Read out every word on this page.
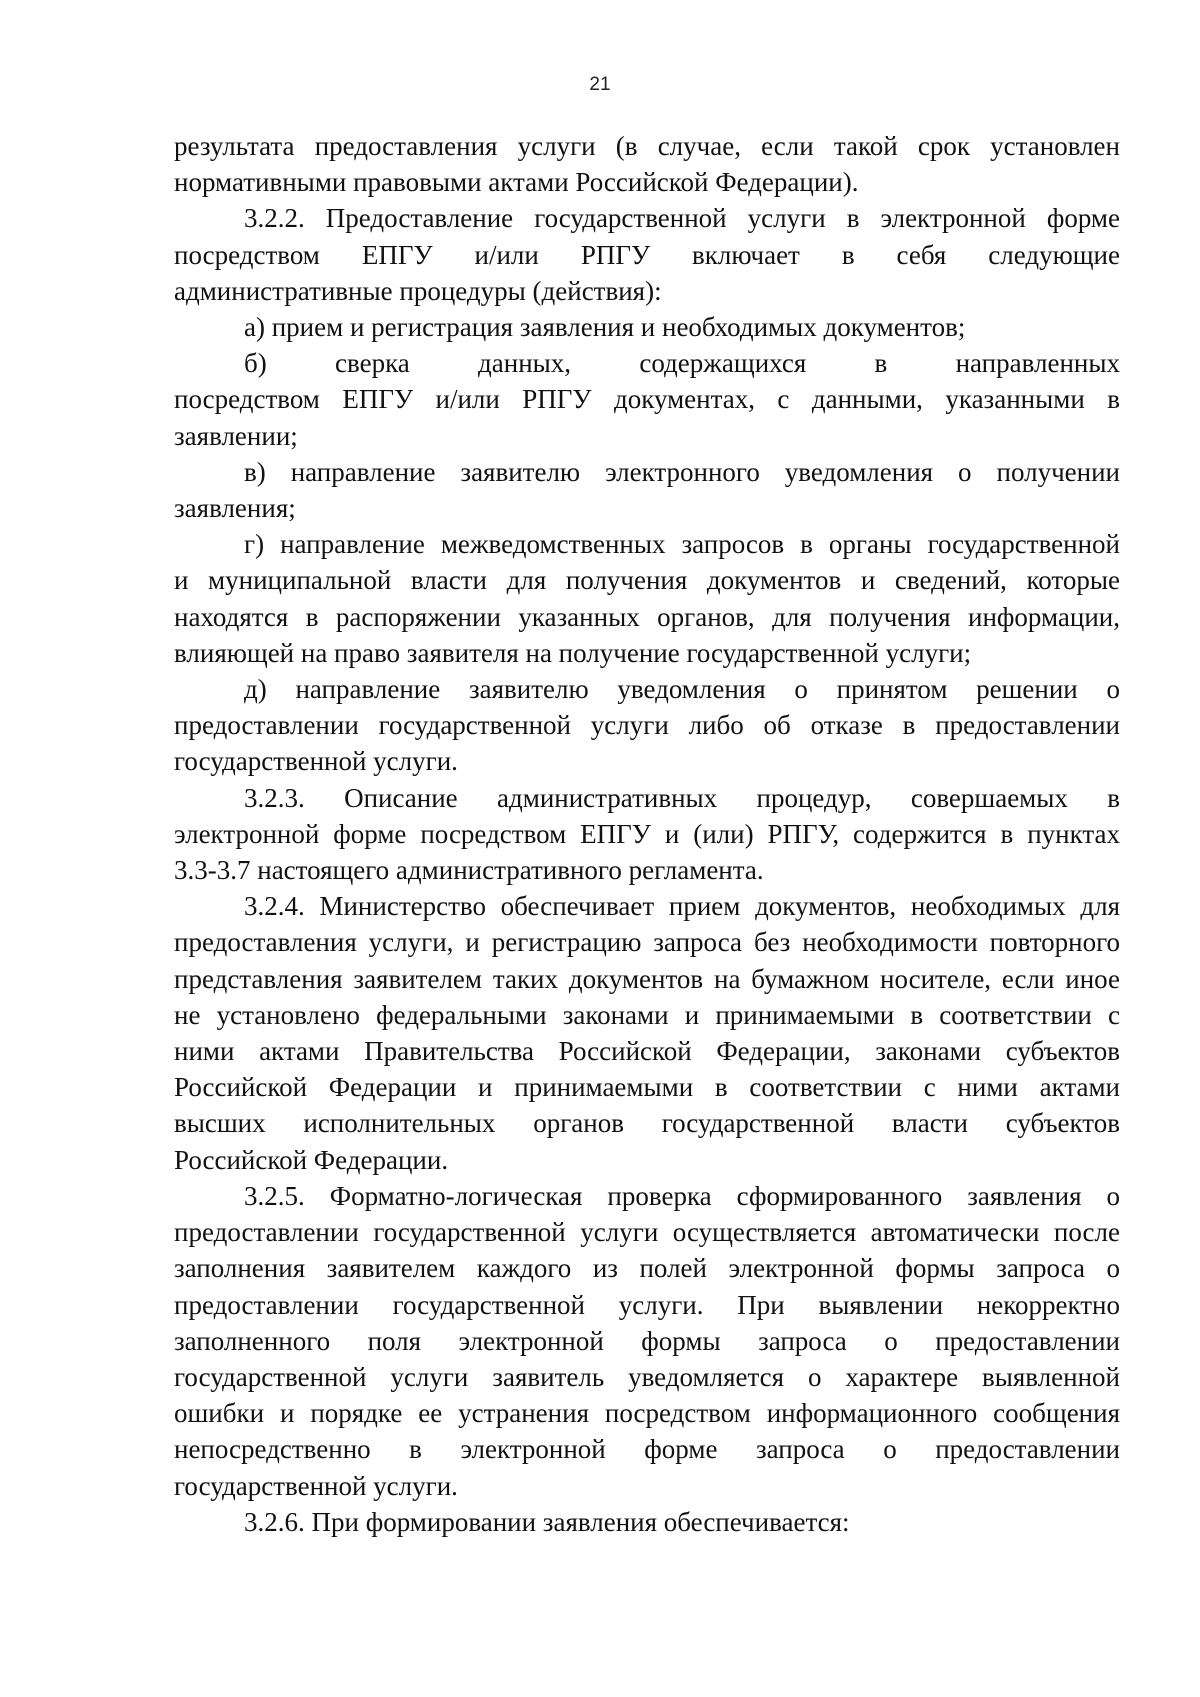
21

результата предоставления услуги (в случае, если такой срок установлен
нормативными правовыми актами Российской Федерации).

3.2.2. Предоставление государственной услуги в электронной форме
посредством ЕПГУ и/или РПГУ включает в себя следующие
административные процедуры (действия):

а) прием и регистрация заявления и необходимых документов;

б) сверка данных, содержащихся в направленных
посредством ЕПГУ и/или РПГУ документах, с данными, указанными в
заявлении;

в) направление заявителю электронного уведомления о получении
заявления;

г) направление межведомственных запросов в органы государственной
и муниципальной власти для получения документов и сведений, которые
находятся в распоряжении указанных органов, для получения информации,
влияющей на право заявителя на получение государственной услуги;

д) направление заявителю уведомления о принятом решении о
предоставлении государственной услуги либо об отказе в предоставлении
государственной услуги.

3.2.3. Описание административных процедур, совершаемых в
электронной форме посредством ЕПГУ и (или) РПГУ, содержится в пунктах
3.3-3.7 настоящего административного регламента.

3.2.4. Министерство обеспечивает прием документов, необходимых для
предоставления услуги, и регистрацию запроса без необходимости повторного
представления заявителем таких документов на бумажном носителе, если иное
не установлено федеральными законами и принимаемыми в соответствии с
ними актами Правительства Российской Федерации, законами субъектов
Российской Федерации и принимаемыми в соответствии с ними актами
высших исполнительных органов государственной власти субъектов
Российской Федерации.

3.2.5. Форматно-логическая проверка сформированного заявления о
предоставлении государственной услуги осуществляется автоматически после
заполнения заявителем каждого из полей электронной формы запроса о
предоставлении государственной услуги. При выявлении некорректно
заполненного поля электронной формы запроса о предоставлении
государственной услуги заявитель уведомляется о характере выявленной
ошибки и порядке ее устранения посредством информационного сообщения
непосредственно в электронной форме запроса о предоставлении
государственной услуги.

3.2.6. При формировании заявления обеспечивается:
